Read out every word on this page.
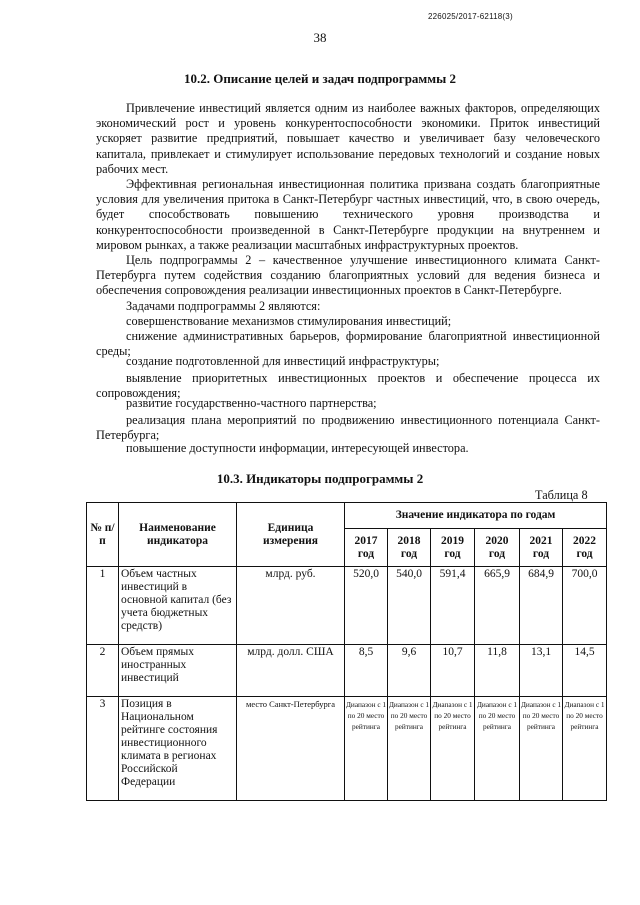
226025/2017-62118(3)
38
10.2. Описание целей и задач подпрограммы 2

Привлечение инвестиций является одним из наиболее важных факторов, определяющих экономический рост и уровень конкурентоспособности экономики. Приток инвестиций ускоряет развитие предприятий, повышает качество и увеличивает базу человеческого капитала, привлекает и стимулирует использование передовых технологий и создание новых рабочих мест.

Эффективная региональная инвестиционная политика призвана создать благоприятные условия для увеличения притока в Санкт-Петербург частных инвестиций, что, в свою очередь, будет способствовать повышению технического уровня производства и конкурентоспособности произведенной в Санкт-Петербурге продукции на внутреннем и мировом рынках, а также реализации масштабных инфраструктурных проектов.

Цель подпрограммы 2 – качественное улучшение инвестиционного климата Санкт-Петербурга путем содействия созданию благоприятных условий для ведения бизнеса и обеспечения сопровождения реализации инвестиционных проектов в Санкт-Петербурге.

Задачами подпрограммы 2 являются:

совершенствование механизмов стимулирования инвестиций;

снижение административных барьеров, формирование благоприятной инвестиционной среды;

создание подготовленной для инвестиций инфраструктуры;

выявление приоритетных инвестиционных проектов и обеспечение процесса их сопровождения;

развитие государственно-частного партнерства;

реализация плана мероприятий по продвижению инвестиционного потенциала Санкт-Петербурга;

повышение доступности информации, интересующей инвестора.

10.3. Индикаторы подпрограммы 2
Таблица 8
№ п/п	Наименование индикатора	Единица измерения	Значение индикатора по годам					
			2017 год	2018 год	2019 год	2020 год	2021 год	2022 год
1	Объем частных инвестиций в основной капитал (без учета бюджетных средств)	млрд. руб.	520,0	540,0	591,4	665,9	684,9	700,0
2	Объем прямых иностранных инвестиций	млрд. долл. США	8,5	9,6	10,7	11,8	13,1	14,5
3	Позиция в Национальном рейтинге состояния инвестиционного климата в регионах Российской Федерации	место Санкт-Петербурга	Диапазон с 1 по 20 место рейтинга	Диапазон с 1 по 20 место рейтинга	Диапазон с 1 по 20 место рейтинга	Диапазон с 1 по 20 место рейтинга	Диапазон с 1 по 20 место рейтинга	Диапазон с 1 по 20 место рейтинга
